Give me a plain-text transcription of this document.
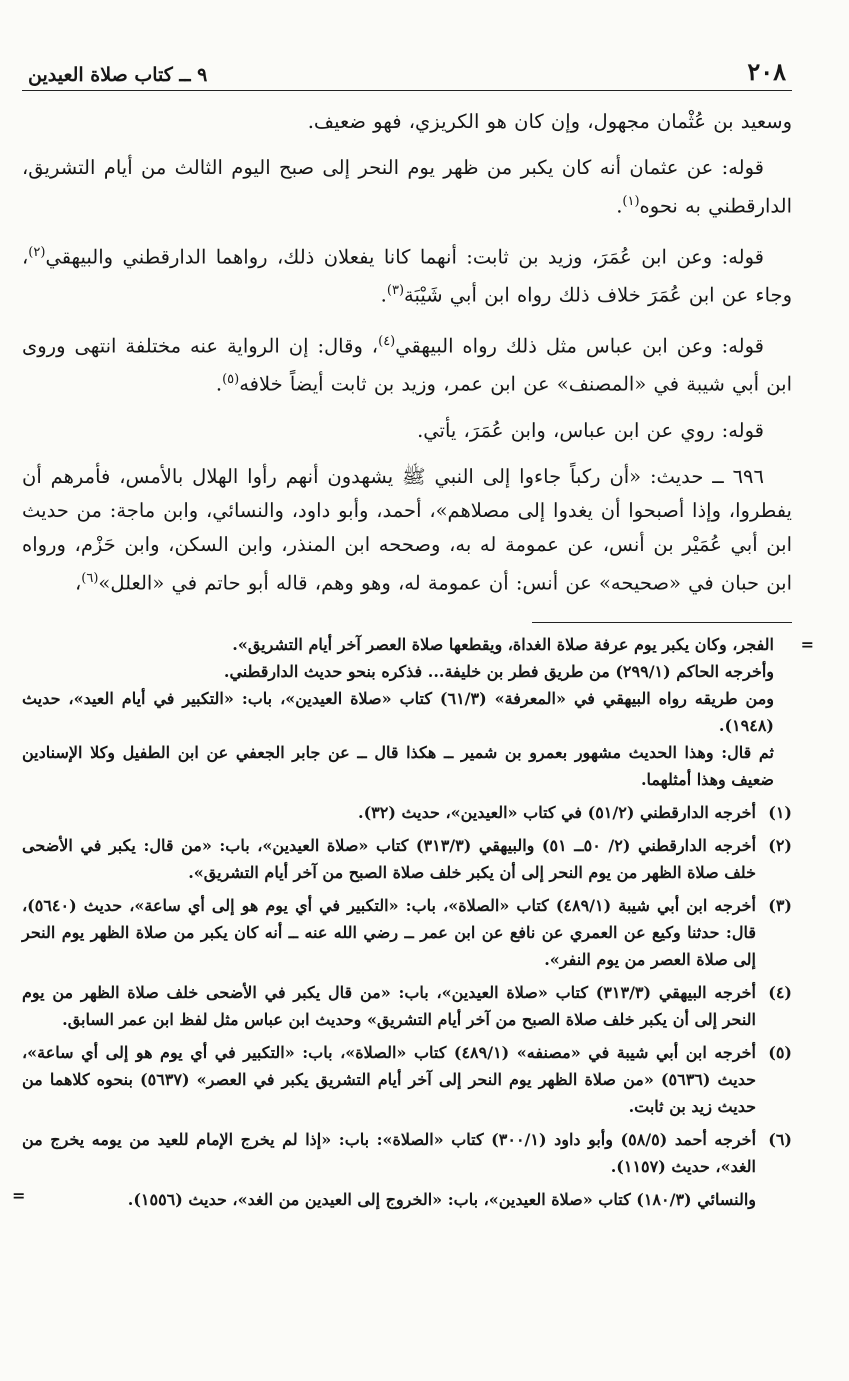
٢٠٨
٩ ــ كتاب صلاة العيدين

وسعيد بن عُثْمان مجهول، وإن كان هو الكريزي، فهو ضعيف.

قوله: عن عثمان أنه كان يكبر من ظهر يوم النحر إلى صبح اليوم الثالث من أيام التشريق، الدارقطني به نحوه$^{(١)}$.

قوله: وعن ابن عُمَرَ، وزيد بن ثابت: أنهما كانا يفعلان ذلك، رواهما الدارقطني والبيهقي$^{(٢)}$، وجاء عن ابن عُمَرَ خلاف ذلك رواه ابن أبي شَيْبَة$^{(٣)}$.

قوله: وعن ابن عباس مثل ذلك رواه البيهقي$^{(٤)}$، وقال: إن الرواية عنه مختلفة انتهى وروى ابن أبي شيبة في «المصنف» عن ابن عمر، وزيد بن ثابت أيضاً خلافه$^{(٥)}$.

قوله: روي عن ابن عباس، وابن عُمَرَ، يأتي.

٦٩٦ ــ حديث: «أن ركباً جاءوا إلى النبي ﷺ يشهدون أنهم رأوا الهلال بالأمس، فأمرهم أن يفطروا، وإذا أصبحوا أن يغدوا إلى مصلاهم»، أحمد، وأبو داود، والنسائي، وابن ماجة: من حديث ابن أبي عُمَيْر بن أنس، عن عمومة له به، وصححه ابن المنذر، وابن السكن، وابن حَزْم، ورواه ابن حبان في «صحيحه» عن أنس: أن عمومة له، وهو وهم، قاله أبو حاتم في «العلل»$^{(٦)}$،

=
الفجر، وكان يكبر يوم عرفة صلاة الغداة، ويقطعها صلاة العصر آخر أيام التشريق».

وأخرجه الحاكم (٢٩٩/١) من طريق فطر بن خليفة... فذكره بنحو حديث الدارقطني.

ومن طريقه رواه البيهقي في «المعرفة» (٦١/٣) كتاب «صلاة العيدين»، باب: «التكبير في أيام العيد»، حديث (١٩٤٨).

ثم قال: وهذا الحديث مشهور بعمرو بن شمير ــ هكذا قال ــ عن جابر الجعفي عن ابن الطفيل وكلا الإسنادين ضعيف وهذا أمثلهما.

(١)

أخرجه الدارقطني (٥١/٢) في كتاب «العيدين»، حديث (٣٢).

(٢)

أخرجه الدارقطني (٢/ ٥٠ــ ٥١) والبيهقي (٣١٣/٣) كتاب «صلاة العيدين»، باب: «من قال: يكبر في الأضحى خلف صلاة الظهر من يوم النحر إلى أن يكبر خلف صلاة الصبح من آخر أيام التشريق».

(٣)

أخرجه ابن أبي شيبة (٤٨٩/١) كتاب «الصلاة»، باب: «التكبير في أي يوم هو إلى أي ساعة»، حديث (٥٦٤٠)، قال: حدثنا وكيع عن العمري عن نافع عن ابن عمر ــ رضي الله عنه ــ أنه كان يكبر من صلاة الظهر يوم النحر إلى صلاة العصر من يوم النفر».

(٤)

أخرجه البيهقي (٣١٣/٣) كتاب «صلاة العيدين»، باب: «من قال يكبر في الأضحى خلف صلاة الظهر من يوم النحر إلى أن يكبر خلف صلاة الصبح من آخر أيام التشريق» وحديث ابن عباس مثل لفظ ابن عمر السابق.

(٥)

أخرجه ابن أبي شيبة في «مصنفه» (٤٨٩/١) كتاب «الصلاة»، باب: «التكبير في أي يوم هو إلى أي ساعة»، حديث (٥٦٣٦) «من صلاة الظهر يوم النحر إلى آخر أيام التشريق يكبر في العصر» (٥٦٣٧) بنحوه كلاهما من حديث زيد بن ثابت.

(٦)

أخرجه أحمد (٥٨/٥) وأبو داود (٣٠٠/١) كتاب «الصلاة»: باب: «إذا لم يخرج الإمام للعيد من يومه يخرج من الغد»، حديث (١١٥٧).

والنسائي (١٨٠/٣) كتاب «صلاة العيدين»، باب: «الخروج إلى العيدين من الغد»، حديث (١٥٥٦).

=
